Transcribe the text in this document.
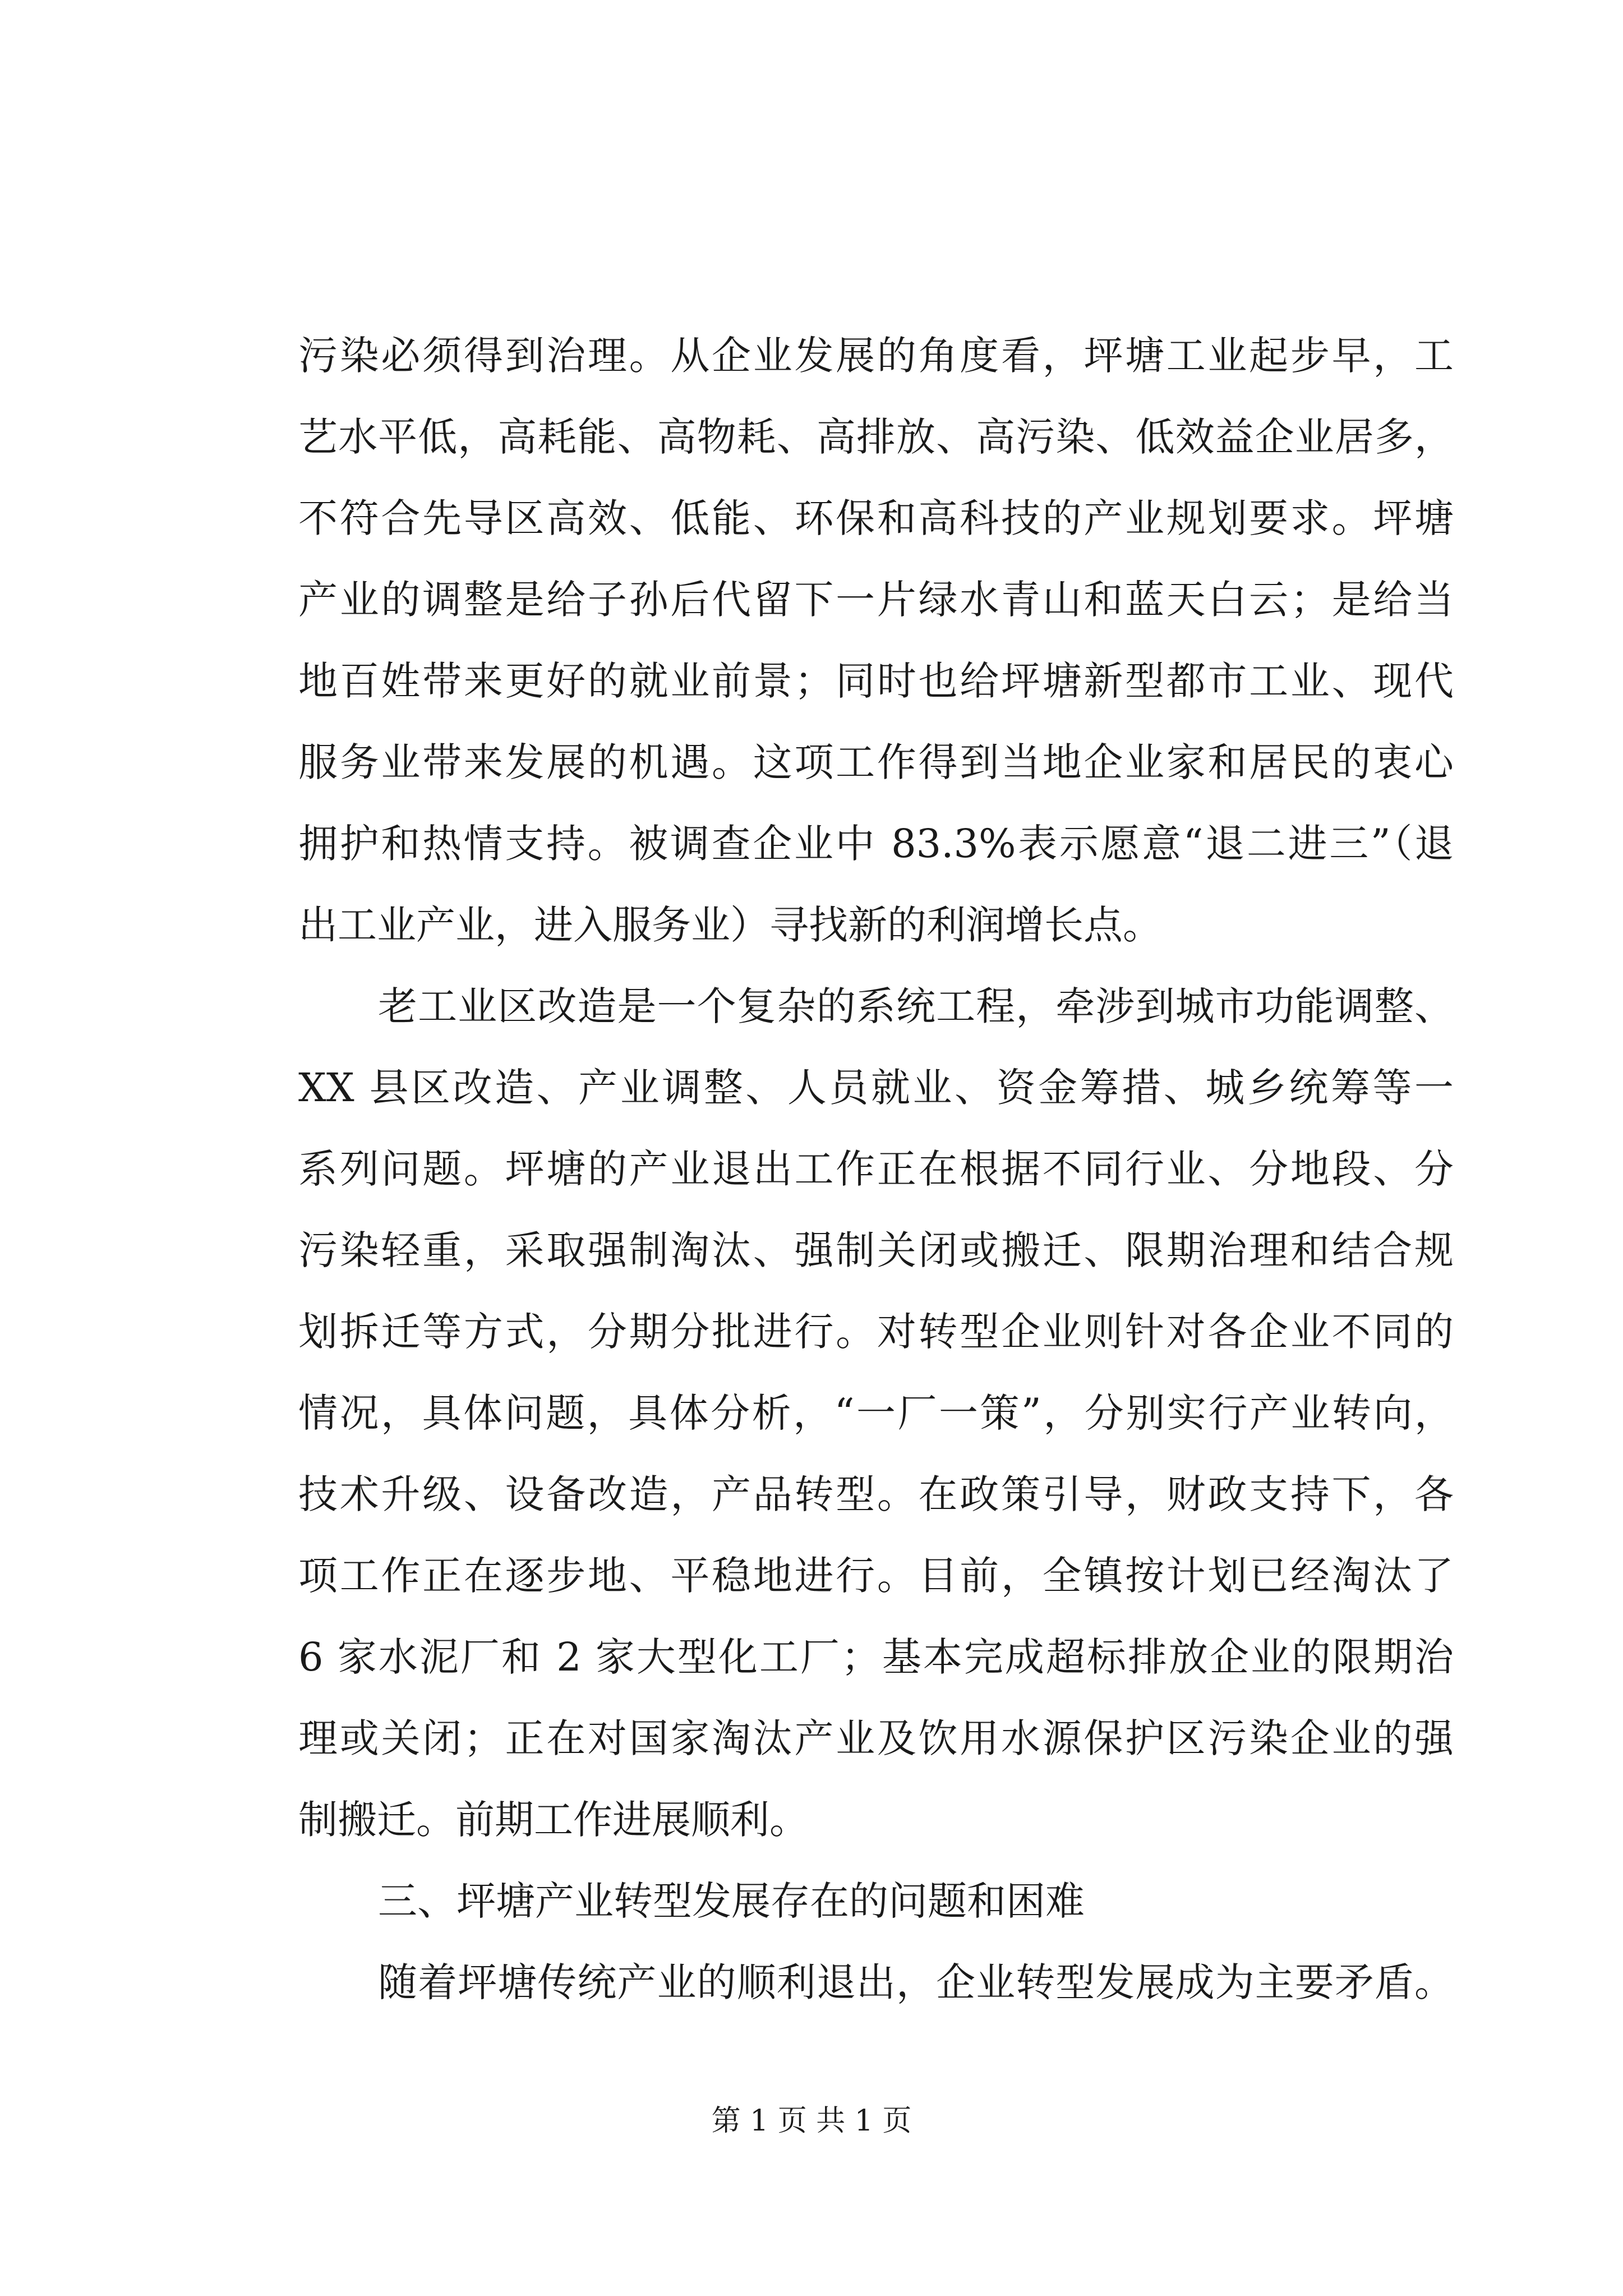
污染必须得到治理。从企业发展的角度看，坪塘工业起步早，工
艺水平低，高耗能、高物耗、高排放、高污染、低效益企业居多，
不符合先导区高效、低能、环保和高科技的产业规划要求。坪塘
产业的调整是给子孙后代留下一片绿水青山和蓝天白云；是给当
地百姓带来更好的就业前景；同时也给坪塘新型都市工业、现代
服务业带来发展的机遇。这项工作得到当地企业家和居民的衷心
拥护和热情支持。被调查企业中 83.3%表示愿意“退二进三”（退
出工业产业，进入服务业）寻找新的利润增长点。
老工业区改造是一个复杂的系统工程，牵涉到城市功能调整、
XX 县区改造、产业调整、人员就业、资金筹措、城乡统筹等一
系列问题。坪塘的产业退出工作正在根据不同行业、分地段、分
污染轻重，采取强制淘汰、强制关闭或搬迁、限期治理和结合规
划拆迁等方式，分期分批进行。对转型企业则针对各企业不同的
情况，具体问题，具体分析，“一厂一策”，分别实行产业转向，
技术升级、设备改造，产品转型。在政策引导，财政支持下，各
项工作正在逐步地、平稳地进行。目前，全镇按计划已经淘汰了
6 家水泥厂和 2 家大型化工厂；基本完成超标排放企业的限期治
理或关闭；正在对国家淘汰产业及饮用水源保护区污染企业的强
制搬迁。前期工作进展顺利。
三、坪塘产业转型发展存在的问题和困难
随着坪塘传统产业的顺利退出，企业转型发展成为主要矛盾。
第 1 页 共 1 页
